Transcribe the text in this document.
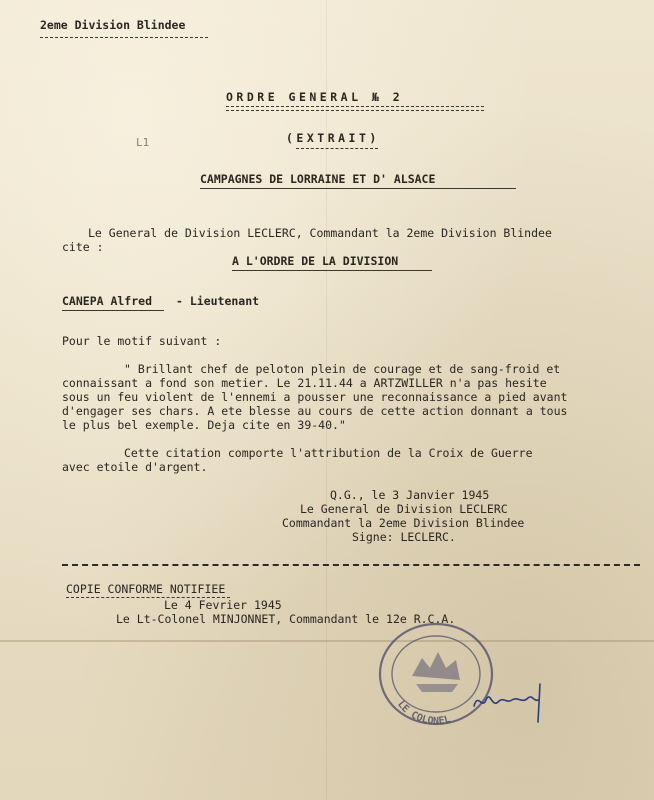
2eme Division Blindee
ORDRE GENERAL № 2
L1	(EXTRAIT)
CAMPAGNES DE LORRAINE ET D' ALSACE
Le General de Division LECLERC, Commandant la 2eme Division Blindee
cite :
A L'ORDRE DE LA DIVISION
CANEPA Alfred - Lieutenant
Pour le motif suivant :
" Brillant chef de peloton plein de courage et de sang-froid et
connaissant a fond son metier. Le 21.11.44 a ARTZWILLER n'a pas hesite
sous un feu violent de l'ennemi a pousser une reconnaissance a pied avant
d'engager ses chars. A ete blesse au cours de cette action donnant a tous
le plus bel exemple. Deja cite en 39-40."
Cette citation comporte l'attribution de la Croix de Guerre
avec etoile d'argent.
Q.G., le 3 Janvier 1945
Le General de Division LECLERC
Commandant la 2eme Division Blindee
Signe: LECLERC.
COPIE CONFORME NOTIFIEE
Le 4 Fevrier 1945
Le Lt-Colonel MINJONNET, Commandant le 12e R.C.A.
LE COLONEL
